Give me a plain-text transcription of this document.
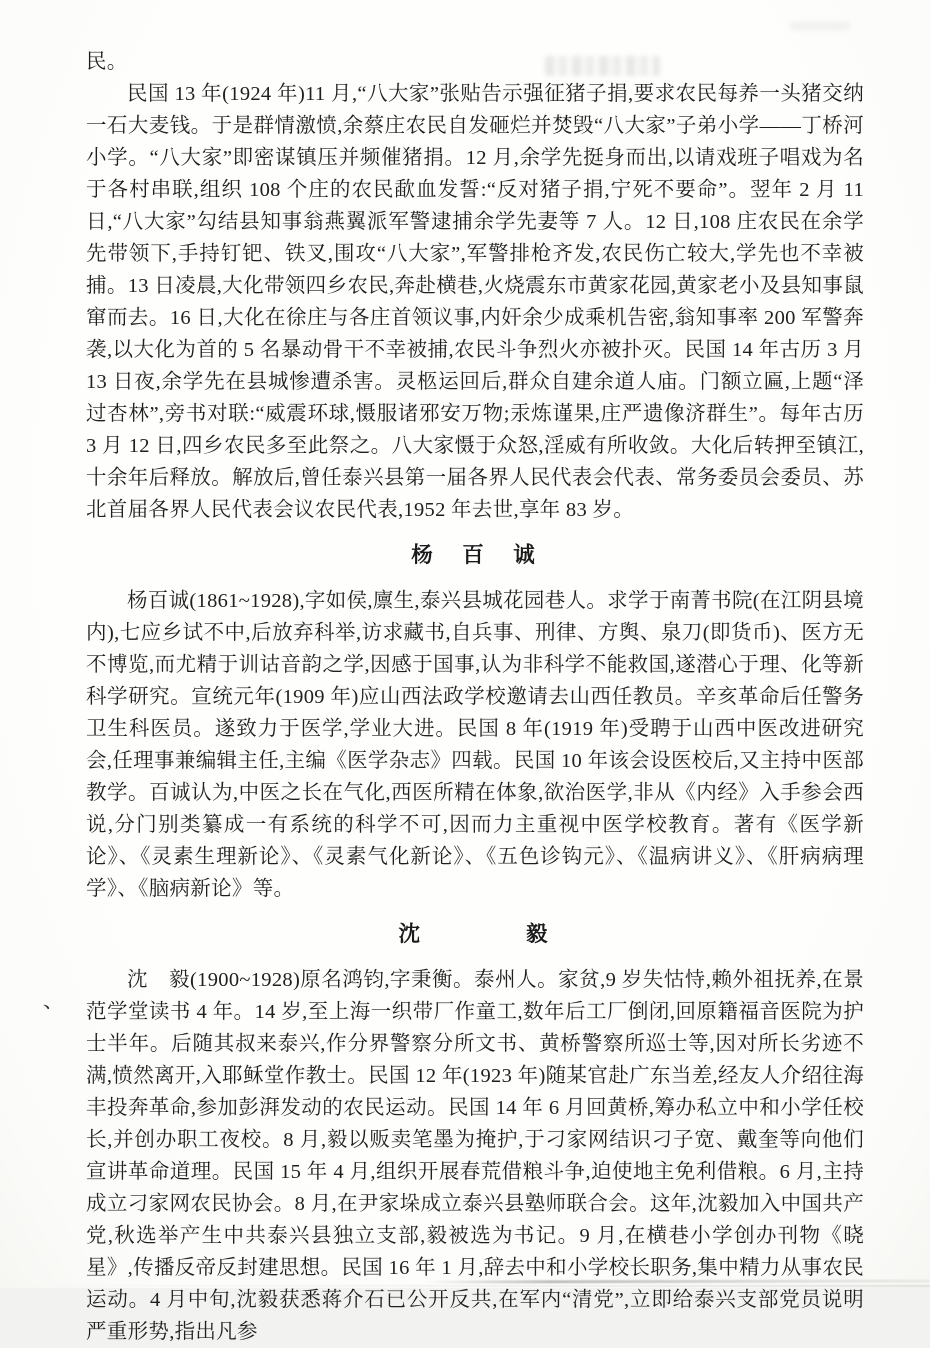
民。

民国 13 年(1924 年)11 月,“八大家”张贴告示强征猪子捐,要求农民每养一头猪交纳一石大麦钱。于是群情激愤,余蔡庄农民自发砸烂并焚毁“八大家”子弟小学——丁桥河小学。“八大家”即密谋镇压并频催猪捐。12 月,余学先挺身而出,以请戏班子唱戏为名于各村串联,组织 108 个庄的农民歃血发誓:“反对猪子捐,宁死不要命”。翌年 2 月 11 日,“八大家”勾结县知事翁燕翼派军警逮捕余学先妻等 7 人。12 日,108 庄农民在余学先带领下,手持钉钯、铁叉,围攻“八大家”,军警排枪齐发,农民伤亡较大,学先也不幸被捕。13 日凌晨,大化带领四乡农民,奔赴横巷,火烧震东市黄家花园,黄家老小及县知事鼠窜而去。16 日,大化在徐庄与各庄首领议事,内奸余少成乘机告密,翁知事率 200 军警奔袭,以大化为首的 5 名暴动骨干不幸被捕,农民斗争烈火亦被扑灭。民国 14 年古历 3 月 13 日夜,余学先在县城惨遭杀害。灵柩运回后,群众自建余道人庙。门额立匾,上题“泽过杏林”,旁书对联:“威震环球,慑服诸邪安万物;汞炼谨果,庄严遗像济群生”。每年古历 3 月 12 日,四乡农民多至此祭之。八大家慑于众怒,淫威有所收敛。大化后转押至镇江,十余年后释放。解放后,曾任泰兴县第一届各界人民代表会代表、常务委员会委员、苏北首届各界人民代表会议农民代表,1952 年去世,享年 83 岁。

杨　百　诚

杨百诚(1861~1928),字如侯,廪生,泰兴县城花园巷人。求学于南菁书院(在江阴县境内),七应乡试不中,后放弃科举,访求藏书,自兵事、刑律、方舆、泉刀(即货币)、医方无不博览,而尤精于训诂音韵之学,因感于国事,认为非科学不能救国,遂潜心于理、化等新科学研究。宣统元年(1909 年)应山西法政学校邀请去山西任教员。辛亥革命后任警务卫生科医员。遂致力于医学,学业大进。民国 8 年(1919 年)受聘于山西中医改进研究会,任理事兼编辑主任,主编《医学杂志》四载。民国 10 年该会设医校后,又主持中医部教学。百诚认为,中医之长在气化,西医所精在体象,欲治医学,非从《内经》入手参会西说,分门别类纂成一有系统的科学不可,因而力主重视中医学校教育。著有《医学新论》、《灵素生理新论》、《灵素气化新论》、《五色诊钩元》、《温病讲义》、《肝病病理学》、《脑病新论》等。

沈　　　　毅

沈　毅(1900~1928)原名鸿钧,字秉衡。泰州人。家贫,9 岁失怙恃,赖外祖抚养,在景范学堂读书 4 年。14 岁,至上海一织带厂作童工,数年后工厂倒闭,回原籍福音医院为护士半年。后随其叔来泰兴,作分界警察分所文书、黄桥警察所巡士等,因对所长劣迹不满,愤然离开,入耶稣堂作教士。民国 12 年(1923 年)随某官赴广东当差,经友人介绍往海丰投奔革命,参加彭湃发动的农民运动。民国 14 年 6 月回黄桥,筹办私立中和小学任校长,并创办职工夜校。8 月,毅以贩卖笔墨为掩护,于刁家网结识刁子宽、戴奎等向他们宣讲革命道理。民国 15 年 4 月,组织开展春荒借粮斗争,迫使地主免利借粮。6 月,主持成立刁家网农民协会。8 月,在尹家垛成立泰兴县塾师联合会。这年,沈毅加入中国共产党,秋选举产生中共泰兴县独立支部,毅被选为书记。9 月,在横巷小学创办刊物《晓星》,传播反帝反封建思想。民国 16 年 1 月,辞去中和小学校长职务,集中精力从事农民运动。4 月中旬,沈毅获悉蒋介石已公开反共,在军内“清党”,立即给泰兴支部党员说明严重形势,指出凡参

、
